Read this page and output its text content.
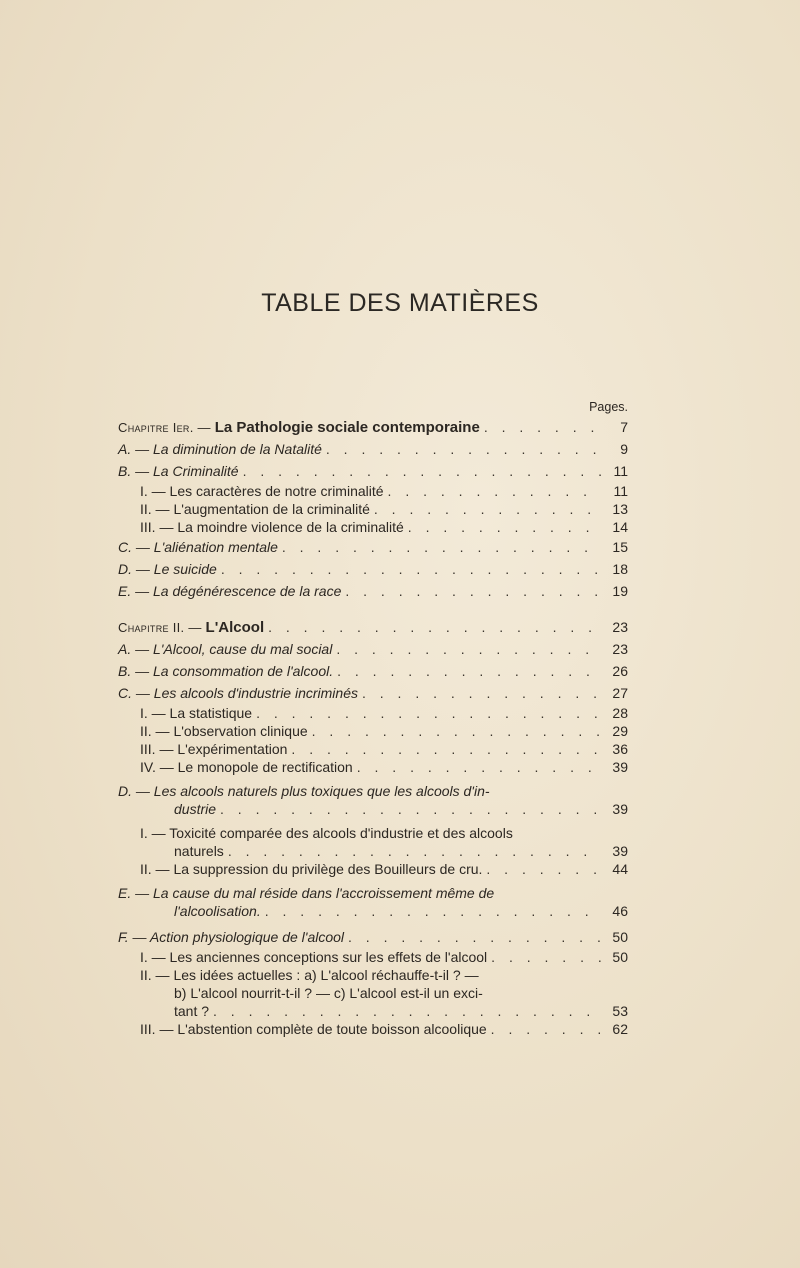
TABLE DES MATIÈRES
Pages.
Chapitre Ier. — La Pathologie sociale contemporaine . . .	7
A. — La diminution de la Natalité . . .	9
B. — La Criminalité . . .	11
I. — Les caractères de notre criminalité . . .	11
II. — L'augmentation de la criminalité . . .	13
III. — La moindre violence de la criminalité . . .	14
C. — L'aliénation mentale . . .	15
D. — Le suicide . . .	18
E. — La dégénérescence de la race . . .	19
Chapitre II. — L'Alcool . . .	23
A. — L'Alcool, cause du mal social . . .	23
B. — La consommation de l'alcool. . . .	26
C. — Les alcools d'industrie incriminés . . .	27
I. — La statistique . . .	28
II. — L'observation clinique . . .	29
III. — L'expérimentation . . .	36
IV. — Le monopole de rectification . . .	39
D. — Les alcools naturels plus toxiques que les alcools d'in-
dustrie . . .	39
I. — Toxicité comparée des alcools d'industrie et des alcools
naturels . . .	39
II. — La suppression du privilège des Bouilleurs de cru. . . .	44
E. — La cause du mal réside dans l'accroissement même de
l'alcoolisation. . . .	46
F. — Action physiologique de l'alcool . . .	50
I. — Les anciennes conceptions sur les effets de l'alcool . . .	50
II. — Les idées actuelles : a) L'alcool réchauffe-t-il ? —
b) L'alcool nourrit-t-il ? — c) L'alcool est-il un exci-
tant ? . . .	53
III. — L'abstention complète de toute boisson alcoolique . . .	62
